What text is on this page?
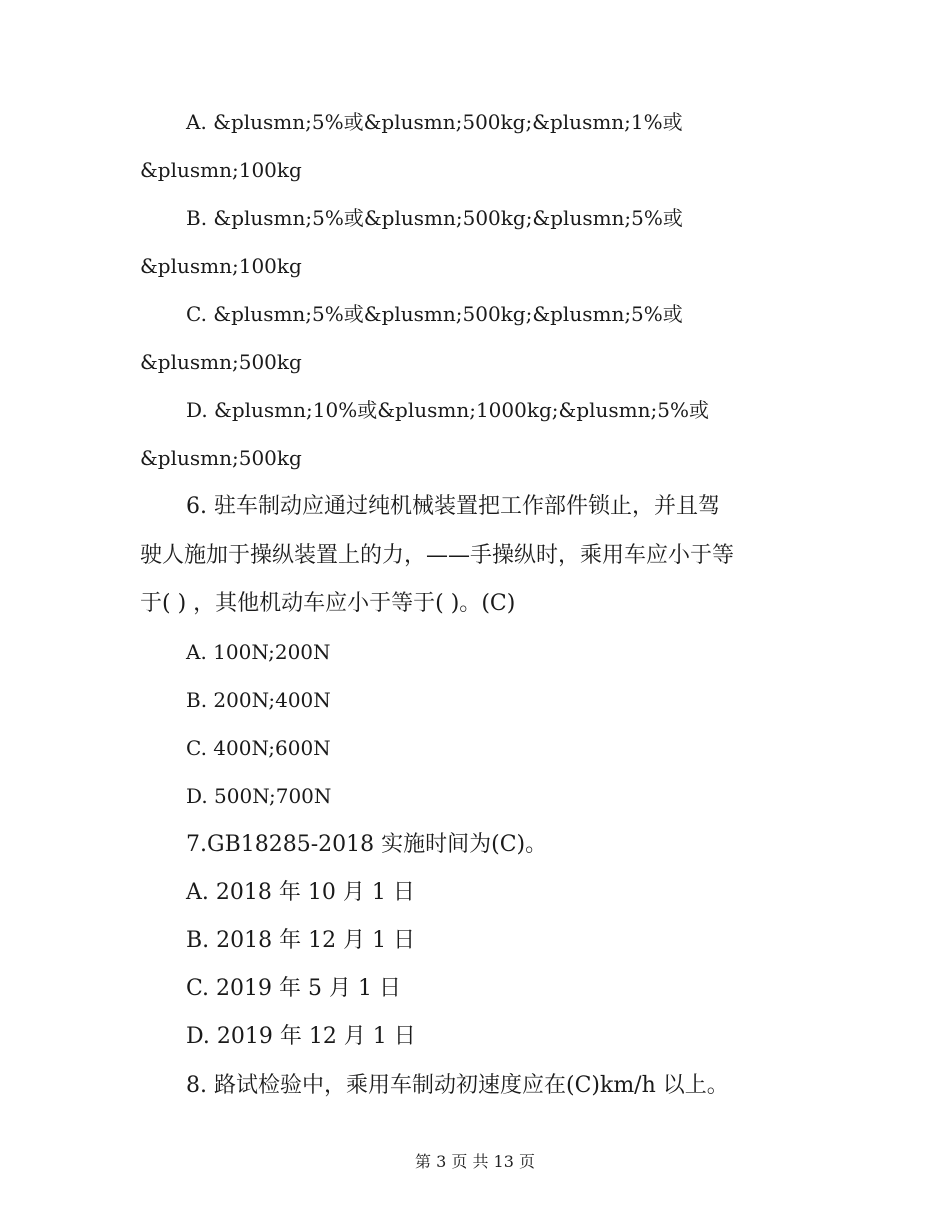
A. &plusmn;5%或&plusmn;500kg;&plusmn;1%或
&plusmn;100kg
B. &plusmn;5%或&plusmn;500kg;&plusmn;5%或
&plusmn;100kg
C. &plusmn;5%或&plusmn;500kg;&plusmn;5%或
&plusmn;500kg
D. &plusmn;10%或&plusmn;1000kg;&plusmn;5%或
&plusmn;500kg
6. 驻车制动应通过纯机械装置把工作部件锁止，并且驾
驶人施加于操纵装置上的力，——手操纵时，乘用车应小于等
于( ) ，其他机动车应小于等于( )。(C)
A. 100N;200N
B. 200N;400N
C. 400N;600N
D. 500N;700N
7.GB18285-2018 实施时间为(C)。
A. 2018 年 10 月 1 日
B. 2018 年 12 月 1 日
C. 2019 年 5 月 1 日
D. 2019 年 12 月 1 日
8. 路试检验中，乘用车制动初速度应在(C)km/h 以上。
第 3 页 共 13 页
